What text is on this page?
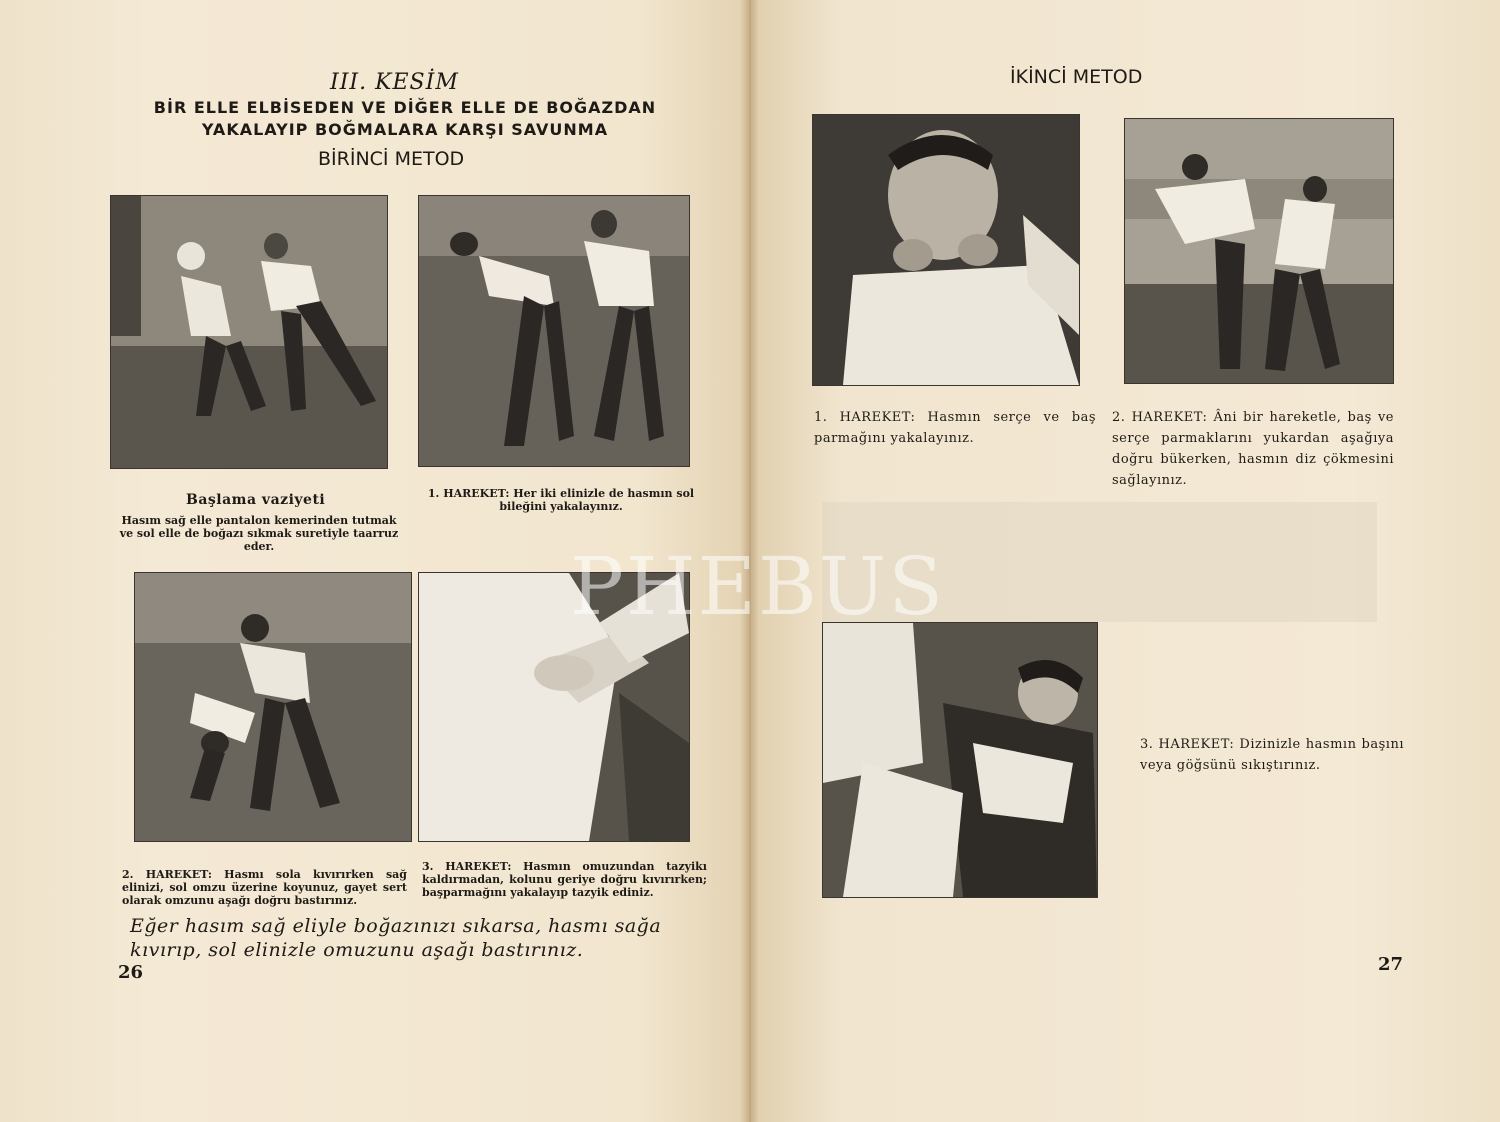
III. KESİM
BİR ELLE ELBİSEDEN VE DİĞER ELLE DE BOĞAZDAN
YAKALAYIP BOĞMALARA KARŞI SAVUNMA
BİRİNCİ METOD
Başlama vaziyeti
Hasım sağ elle pantalon kemerinden tutmak ve sol elle de boğazı sıkmak suretiyle taarruz eder.
1. HAREKET: Her iki elinizle de hasmın sol bileğini yakalayınız.
2. HAREKET: Hasmı sola kıvırırken sağ elinizi, sol omzu üzerine koyunuz, gayet sert olarak omzunu aşağı doğru bastırınız.
3. HAREKET: Hasmın omuzundan tazyikı kaldırmadan, kolunu geriye doğru kıvırırken; başparmağını yakalayıp tazyik ediniz.
Eğer hasım sağ eliyle boğazınızı sıkarsa, hasmı sağa kıvırıp, sol elinizle omuzunu aşağı bastırınız.
26
İKİNCİ METOD
1. HAREKET: Hasmın serçe ve baş parmağını yakalayınız.
2. HAREKET: Âni bir hareketle, baş ve serçe parmaklarını yukardan aşağıya doğru bükerken, hasmın diz çökmesini sağlayınız.
3. HAREKET: Dizinizle hasmın başını veya göğsünü sıkıştırınız.
27
PHEBUS
